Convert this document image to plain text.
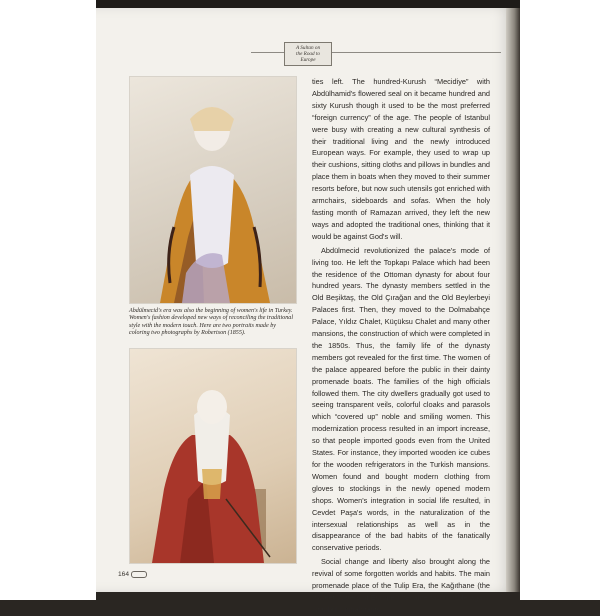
A Sultan on
the Road to
Europe
Abdülmecid's era was also the beginning of women's life in Turkey. Women's fashion developed new ways of reconciling the traditional style with the modern touch. Here are two portraits made by coloring two photographs by Robertson (1855).

ties left. The hundred-Kurush “Mecidiye” with Abdülhamid's flowered seal on it became hundred and sixty Kurush though it used to be the most preferred “foreign currency” of the age. The people of Istanbul were busy with creating a new cultural synthesis of their traditional living and the newly introduced European ways. For example, they used to wrap up their cushions, sitting cloths and pillows in bundles and place them in boats when they moved to their summer resorts before, but now such utensils got enriched with armchairs, sideboards and sofas. When the holy fasting month of Ramazan arrived, they left the new ways and adopted the traditional ones, thinking that it would be against God's will.

Abdülmecid revolutionized the palace's mode of living too. He left the Topkapı Palace which had been the residence of the Ottoman dynasty for about four hundred years. The dynasty members settled in the Old Beşiktaş, the Old Çırağan and the Old Beylerbeyi Palaces first. Then, they moved to the Dolmabahçe Palace, Yıldız Chalet, Küçüksu Chalet and many other mansions, the construction of which were completed in the 1850s. Thus, the family life of the dynasty members got revealed for the first time. The women of the palace appeared before the public in their dainty promenade boats. The families of the high officials followed them. The city dwellers gradually got used to seeing transparent veils, colorful cloaks and parasols which “covered up” noble and smiling women. This modernization process resulted in an import increase, so that people imported goods even from the United States. For instance, they imported wooden ice cubes for the wooden refrigerators in the Turkish mansions. Women found and bought modern clothing from gloves to stockings in the newly opened modern shops. Women's integration in social life resulted, in Cevdet Paşa's words, in the naturalization of the intersexual relationships as well as in the disappearance of the bad habits of the fanatically conservative periods.

Social change and liberty also brought along the revival of some forgotten worlds and habits. The main promenade place of the Tulip Era, the Kağıthane (the “Sweet Waters of Europe”) became fashionable again. İstanbul's inhabitants,

164
